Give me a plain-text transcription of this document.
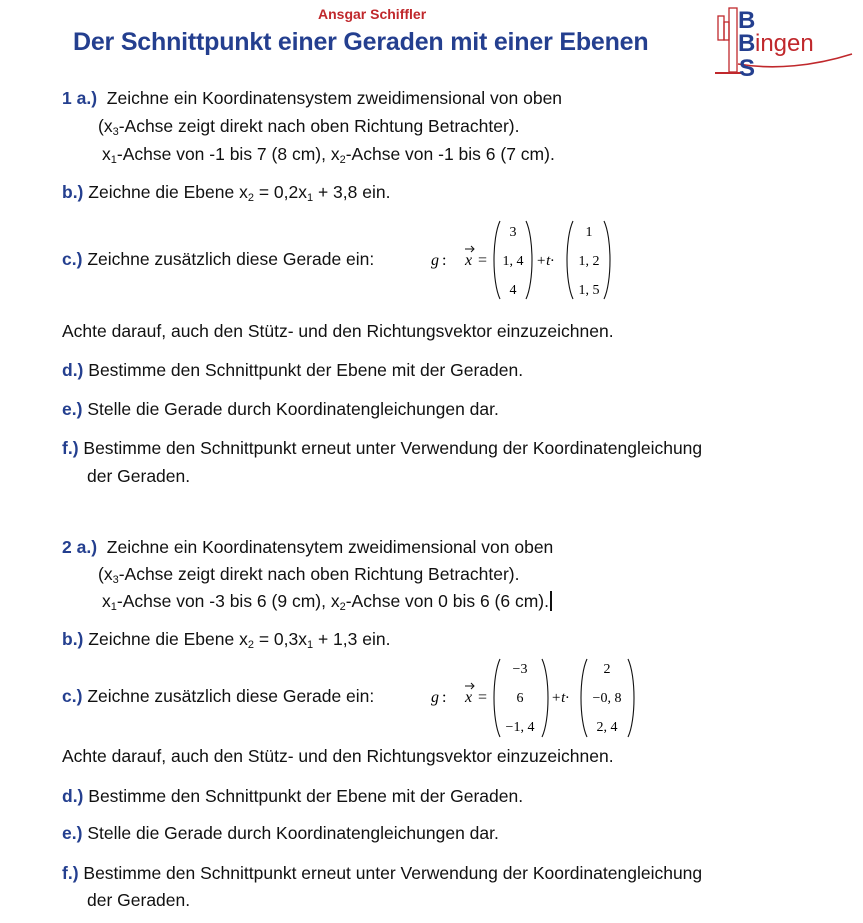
Ansgar Schiffler
Der Schnittpunkt einer Geraden mit einer Ebenen
B
B
S
ingen
1 a.) Zeichne ein Koordinatensystem zweidimensional von oben
($x_3$-Achse zeigt direkt nach oben Richtung Betrachter).
$x_1$-Achse von -1 bis 7 (8 cm), $x_2$-Achse von -1 bis 6 (7 cm).
b.) Zeichne die Ebene $x_2 = 0,2x_1 + 3,8$ ein.
c.) Zeichne zusätzlich diese Gerade ein:	g : x =
3
1, 4
4
+t·
1
1, 2
1, 5
Achte darauf, auch den Stütz- und den Richtungsvektor einzuzeichnen.
d.) Bestimme den Schnittpunkt der Ebene mit der Geraden.
e.) Stelle die Gerade durch Koordinatengleichungen dar.
f.) Bestimme den Schnittpunkt erneut unter Verwendung der Koordinatengleichung
der Geraden.
2 a.) Zeichne ein Koordinatensytem zweidimensional von oben
($x_3$-Achse zeigt direkt nach oben Richtung Betrachter).
$x_1$-Achse von -3 bis 6 (9 cm), $x_2$-Achse von 0 bis 6 (6 cm).
b.) Zeichne die Ebene $x_2 = 0,3x_1 + 1,3$ ein.
c.) Zeichne zusätzlich diese Gerade ein:	g : x =
−3
6
−1, 4
+t·
2
−0, 8
2, 4
Achte darauf, auch den Stütz- und den Richtungsvektor einzuzeichnen.
d.) Bestimme den Schnittpunkt der Ebene mit der Geraden.
e.) Stelle die Gerade durch Koordinatengleichungen dar.
f.) Bestimme den Schnittpunkt erneut unter Verwendung der Koordinatengleichung
der Geraden.
